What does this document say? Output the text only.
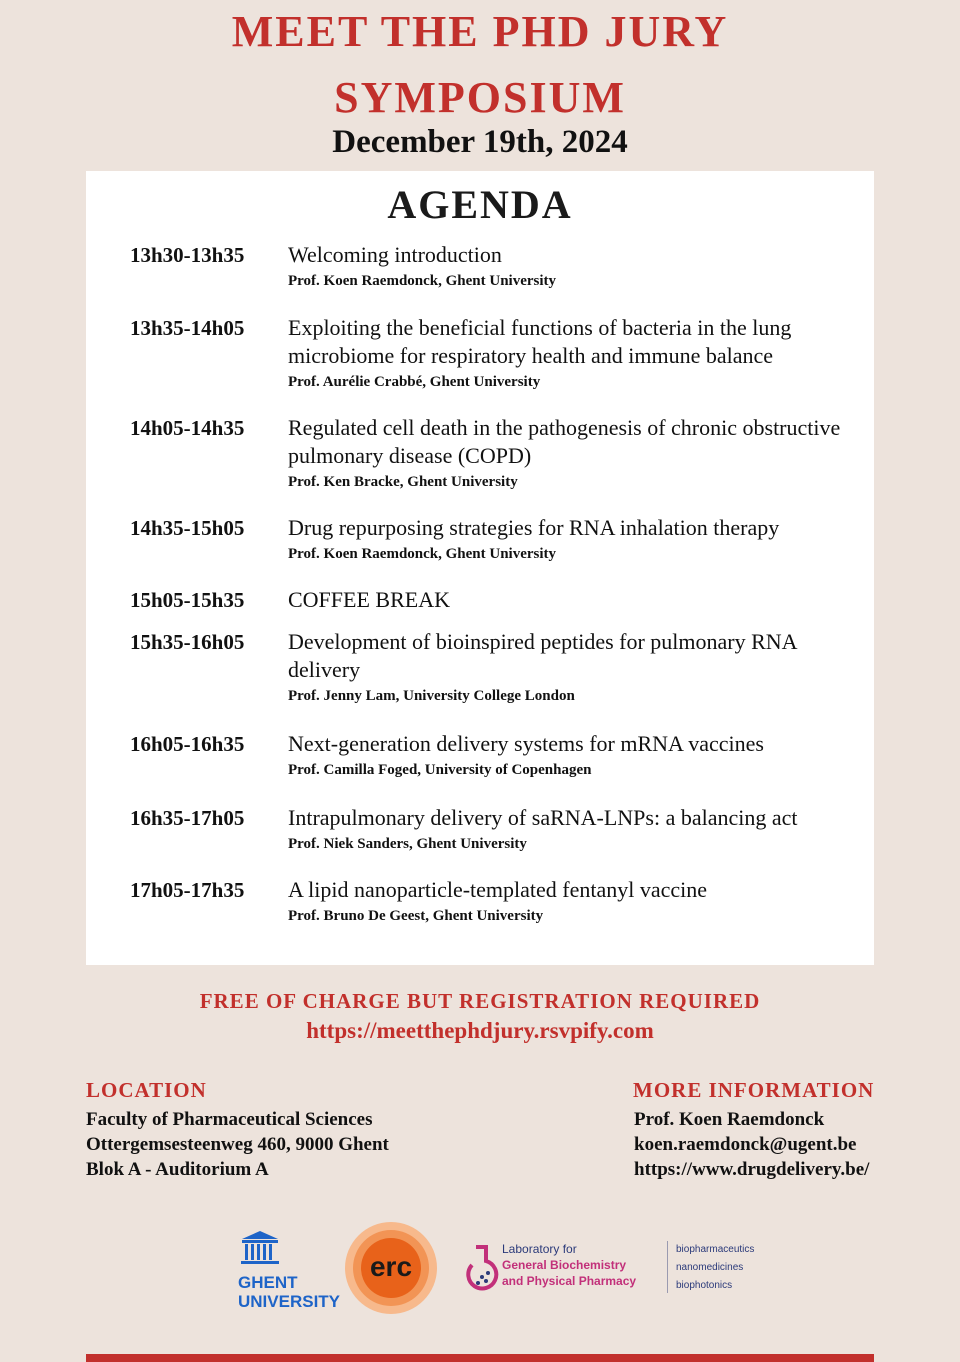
MEET THE PHD JURY
SYMPOSIUM
December 19th, 2024
AGENDA
13h30-13h35	Welcoming introduction
Prof. Koen Raemdonck, Ghent University
13h35-14h05	Exploiting the beneficial functions of bacteria in the lung microbiome for respiratory health and immune balance
Prof. Aurélie Crabbé, Ghent University
14h05-14h35	Regulated cell death in the pathogenesis of chronic obstructive pulmonary disease (COPD)
Prof. Ken Bracke, Ghent University
14h35-15h05	Drug repurposing strategies for RNA inhalation therapy
Prof. Koen Raemdonck, Ghent University
15h05-15h35	COFFEE BREAK
15h35-16h05	Development of bioinspired peptides for pulmonary RNA delivery
Prof. Jenny Lam, University College London
16h05-16h35	Next-generation delivery systems for mRNA vaccines
Prof. Camilla Foged, University of Copenhagen
16h35-17h05	Intrapulmonary delivery of saRNA-LNPs: a balancing act
Prof. Niek Sanders, Ghent University
17h05-17h35	A lipid nanoparticle-templated fentanyl vaccine
Prof. Bruno De Geest, Ghent University
FREE OF CHARGE BUT REGISTRATION REQUIRED
https://meetthephdjury.rsvpify.com
LOCATION
Faculty of Pharmaceutical Sciences
Ottergemsesteenweg 460, 9000 Ghent
Blok A - Auditorium A
MORE INFORMATION
Prof. Koen Raemdonck
koen.raemdonck@ugent.be
https://www.drugdelivery.be/
GHENT
UNIVERSITY
erc
Laboratory for
General Biochemistry
and Physical Pharmacy
biopharmaceutics
nanomedicines
biophotonics
